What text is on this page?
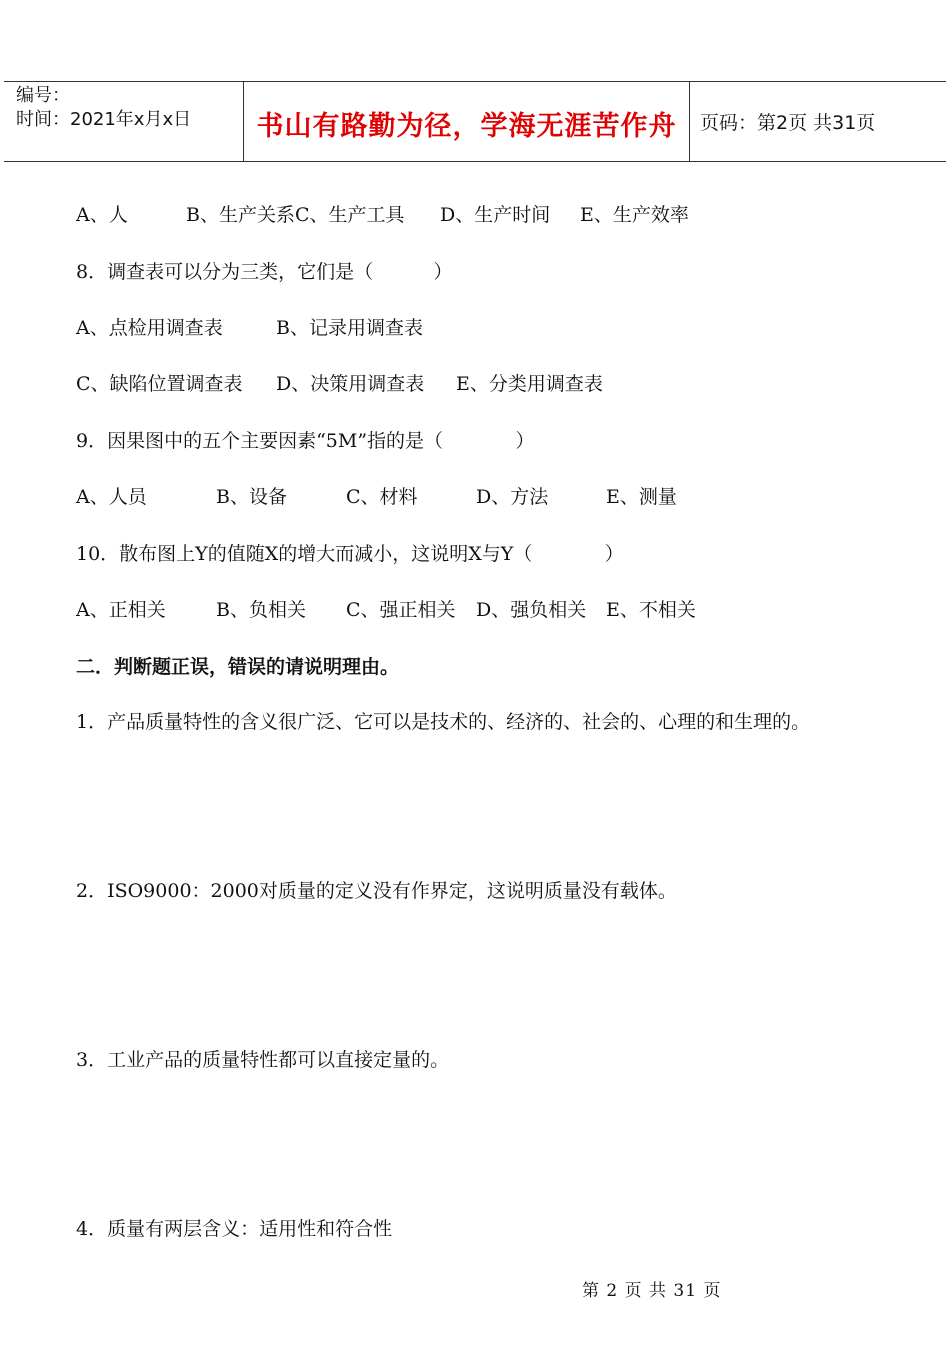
编号：
时间：2021年x月x日	书山有路勤为径，学海无涯苦作舟 页码：第2页 共31页
A、人	B、生产关系C、生产工具 D、生产时间 E、生产效率
8．调查表可以分为三类，它们是（          ）
A、点检用调查表	B、记录用调查表
C、缺陷位置调查表 D、决策用调查表 E、分类用调查表
9．因果图中的五个主要因素“5M”指的是（            ）
A、人员	B、设备	C、材料	D、方法	E、测量
10．散布图上Y的值随X的增大而减小，这说明X与Y（            ）
A、正相关	B、负相关 C、强正相关 D、强负相关 E、不相关
二．判断题正误，错误的请说明理由。
1．产品质量特性的含义很广泛、它可以是技术的、经济的、社会的、心理的和生理的。
2．ISO9000：2000对质量的定义没有作界定，这说明质量没有载体。
3．工业产品的质量特性都可以直接定量的。
4．质量有两层含义：适用性和符合性
第 2 页 共 31 页
